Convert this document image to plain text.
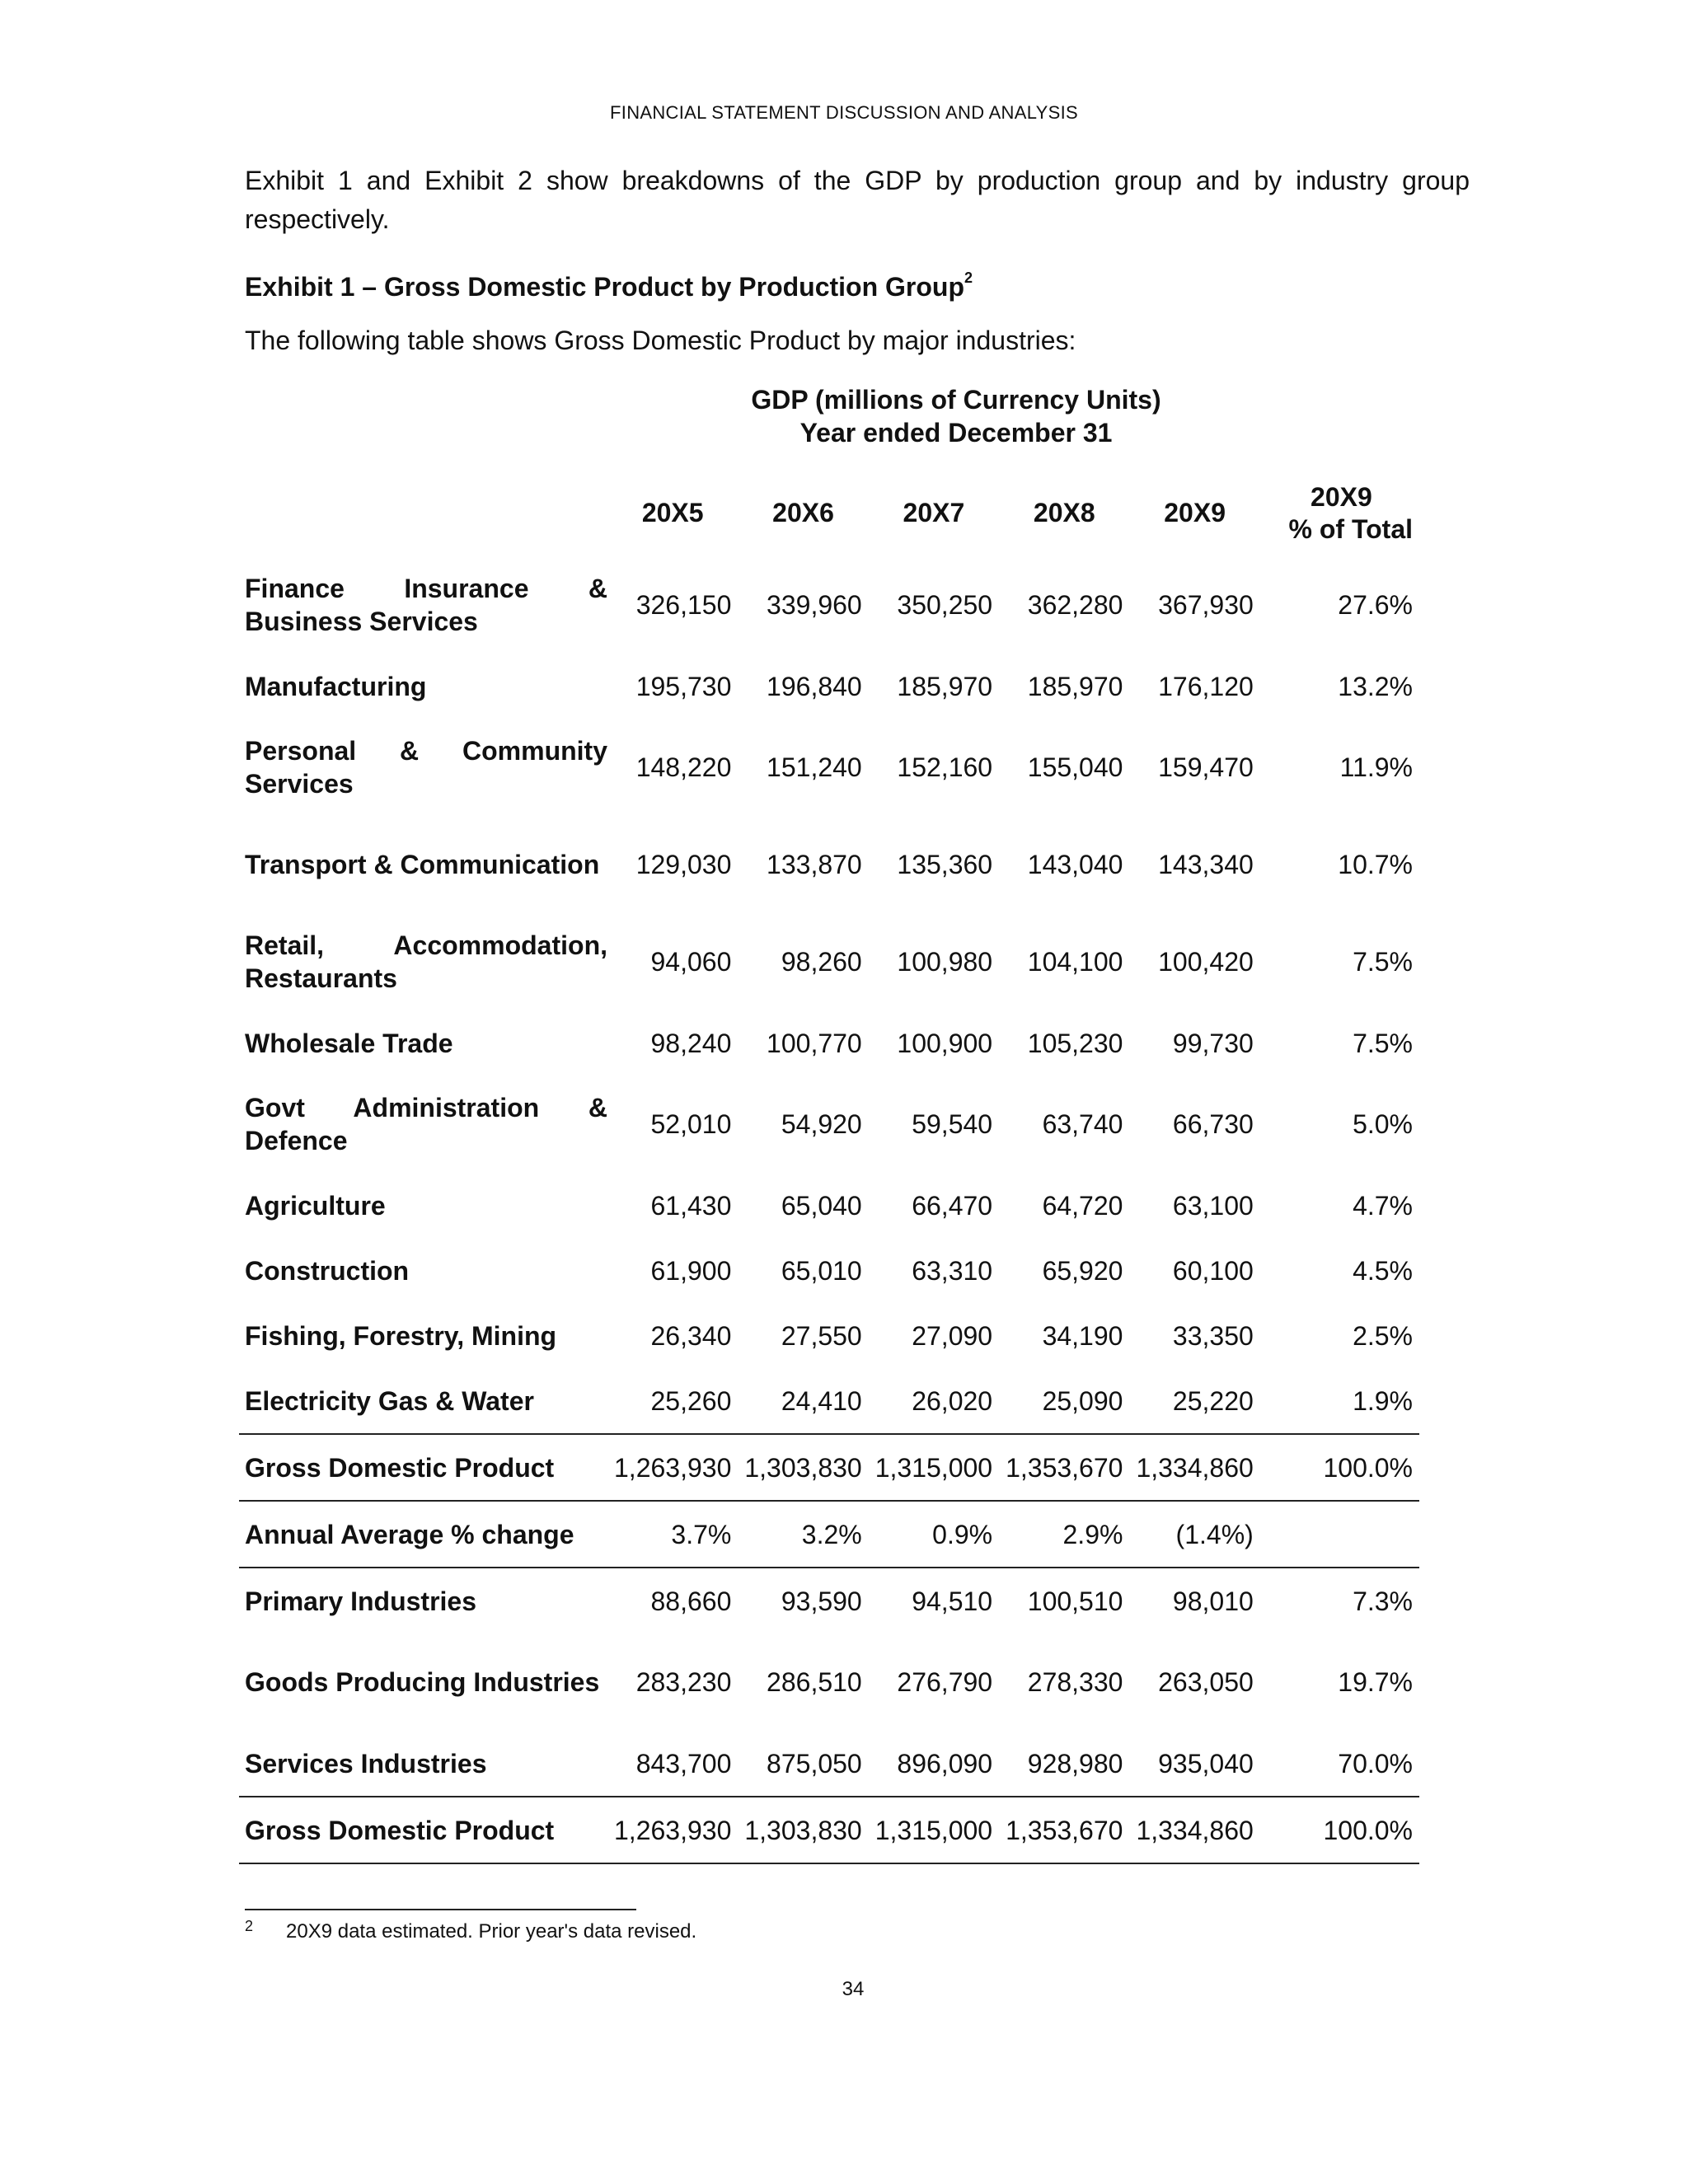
FINANCIAL STATEMENT DISCUSSION AND ANALYSIS

Exhibit 1 and Exhibit 2 show breakdowns of the GDP by production group and by industry group respectively.

Exhibit 1 – Gross Domestic Product by Production Group$^2$

The following table shows Gross Domestic Product by major industries:

GDP (millions of Currency Units)
Year ended December 31
	20X5	20X6	20X7	20X8	20X9	20X9
% of Total

Finance Insurance & Business Services	326,150	339,960	350,250	362,280	367,930	27.6%
Manufacturing	195,730	196,840	185,970	185,970	176,120	13.2%

Personal & Community Services	148,220	151,240	152,160	155,040	159,470	11.9%

Transport & Communication	129,030	133,870	135,360	143,040	143,340	10.7%

Retail, Accommodation, Restaurants	94,060	98,260	100,980	104,100	100,420	7.5%
Wholesale Trade	98,240	100,770	100,900	105,230	99,730	7.5%

Govt Administration & Defence	52,010	54,920	59,540	63,740	66,730	5.0%
Agriculture	61,430	65,040	66,470	64,720	63,100	4.7%
Construction	61,900	65,010	63,310	65,920	60,100	4.5%
Fishing, Forestry, Mining	26,340	27,550	27,090	34,190	33,350	2.5%
Electricity Gas & Water	25,260	24,410	26,020	25,090	25,220	1.9%
Gross Domestic Product	1,263,930	1,303,830	1,315,000	1,353,670	1,334,860	100.0%
Annual Average % change	3.7%	3.2%	0.9%	2.9%	(1.4%)	
Primary Industries	88,660	93,590	94,510	100,510	98,010	7.3%

Goods Producing Industries	283,230	286,510	276,790	278,330	263,050	19.7%
Services Industries	843,700	875,050	896,090	928,980	935,040	70.0%
Gross Domestic Product	1,263,930	1,303,830	1,315,000	1,353,670	1,334,860	100.0%
$^2$ 20X9 data estimated. Prior year's data revised.
34
